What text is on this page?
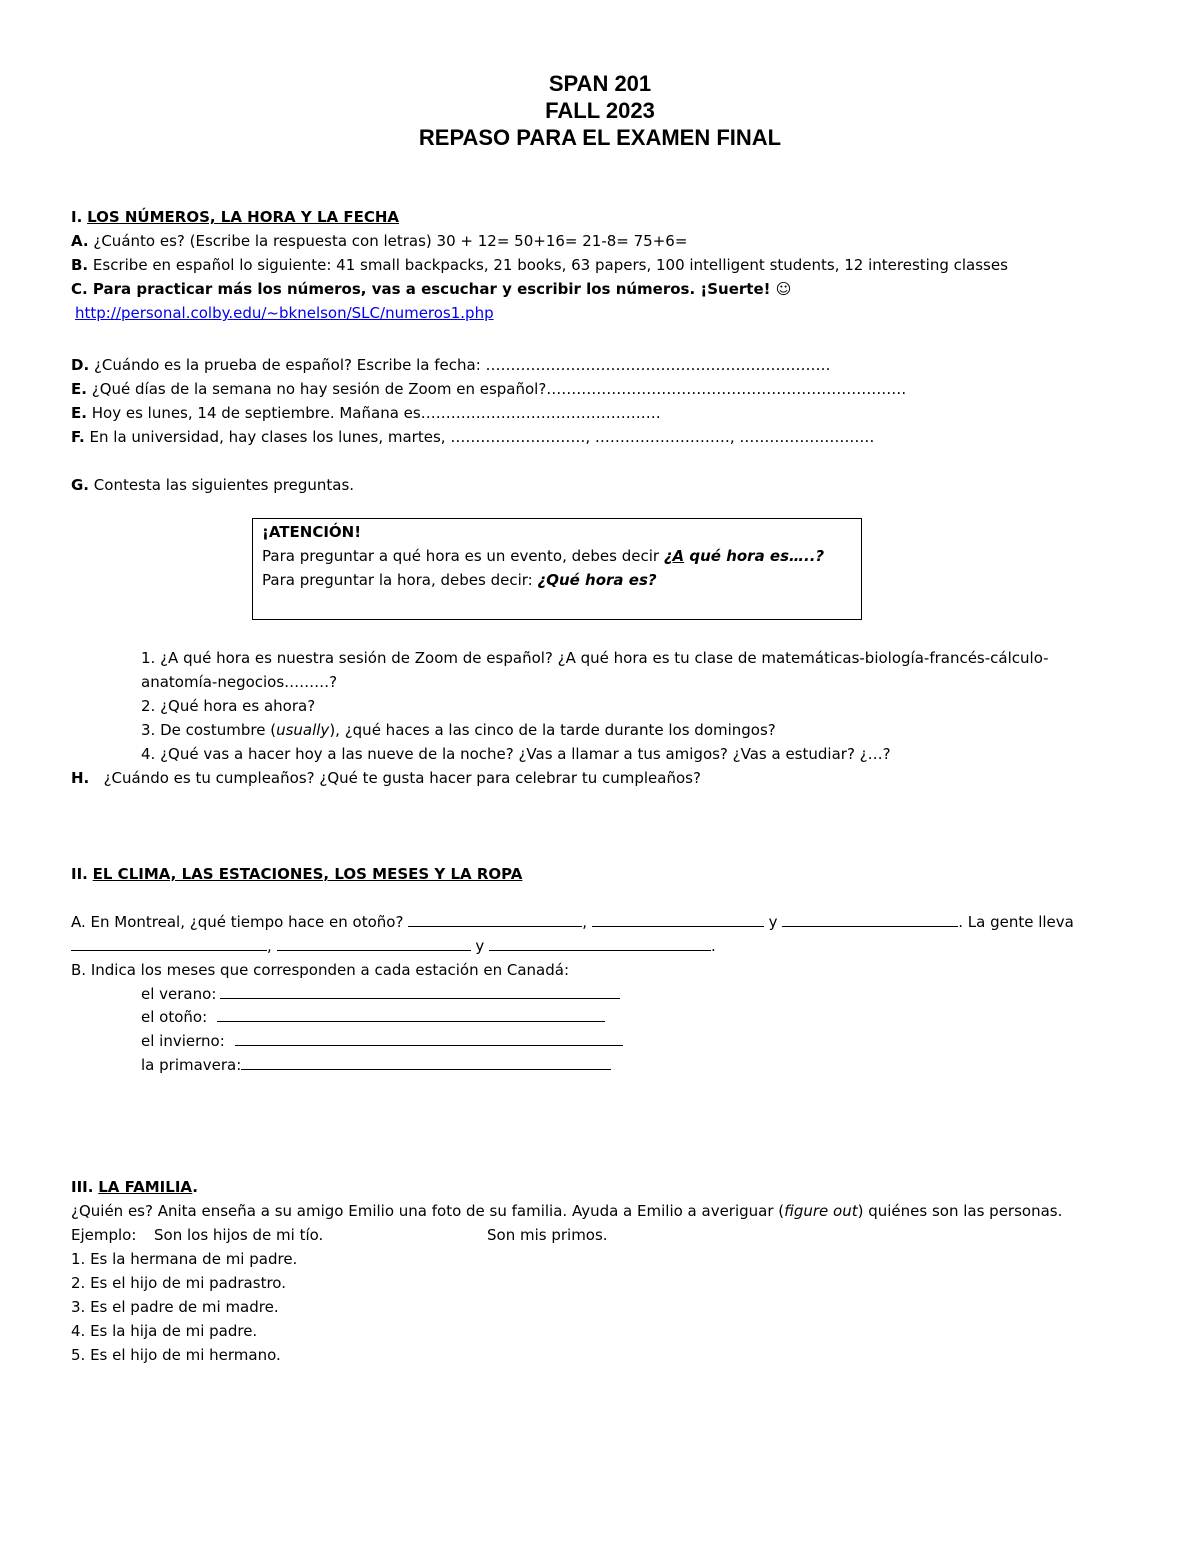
SPAN 201
FALL 2023
REPASO PARA EL EXAMEN FINAL
I. LOS NÚMEROS, LA HORA Y LA FECHA
A. ¿Cuánto es? (Escribe la respuesta con letras) 30 + 12= 50+16= 21-8= 75+6=
B. Escribe en español lo siguiente: 41 small backpacks, 21 books, 63 papers, 100 intelligent students, 12 interesting classes
C. Para practicar más los números, vas a escuchar y escribir los números. ¡Suerte! ☺
http://personal.colby.edu/~bknelson/SLC/numeros1.php
D. ¿Cuándo es la prueba de español? Escribe la fecha: ……………………………………………………………
E. ¿Qué días de la semana no hay sesión de Zoom en español?………………………………………………………………
E. Hoy es lunes, 14 de septiembre. Mañana es…………………………………………
F. En la universidad, hay clases los lunes, martes, ………………………, ………………………, ………………………
G. Contesta las siguientes preguntas.
¡ATENCIÓN!
Para preguntar a qué hora es un evento, debes decir ¿A qué hora es…..?
Para preguntar la hora, debes decir: ¿Qué hora es?
1. ¿A qué hora es nuestra sesión de Zoom de español? ¿A qué hora es tu clase de matemáticas-biología-francés-cálculo-
anatomía-negocios………?
2. ¿Qué hora es ahora?
3. De costumbre (usually), ¿qué haces a las cinco de la tarde durante los domingos?
4. ¿Qué vas a hacer hoy a las nueve de la noche? ¿Vas a llamar a tus amigos? ¿Vas a estudiar? ¿…?
H. ¿Cuándo es tu cumpleaños? ¿Qué te gusta hacer para celebrar tu cumpleaños?
II. EL CLIMA, LAS ESTACIONES, LOS MESES Y LA ROPA
A. En Montreal, ¿qué tiempo hace en otoño?	,	y	. La gente lleva
,	y	.
B. Indica los meses que corresponden a cada estación en Canadá:
el verano:
el otoño:
el invierno:
la primavera:
III. LA FAMILIA.
¿Quién es? Anita enseña a su amigo Emilio una foto de su familia. Ayuda a Emilio a averiguar (figure out) quiénes son las personas.
Ejemplo: Son los hijos de mi tío.	Son mis primos.
1. Es la hermana de mi padre.
2. Es el hijo de mi padrastro.
3. Es el padre de mi madre.
4. Es la hija de mi padre.
5. Es el hijo de mi hermano.
